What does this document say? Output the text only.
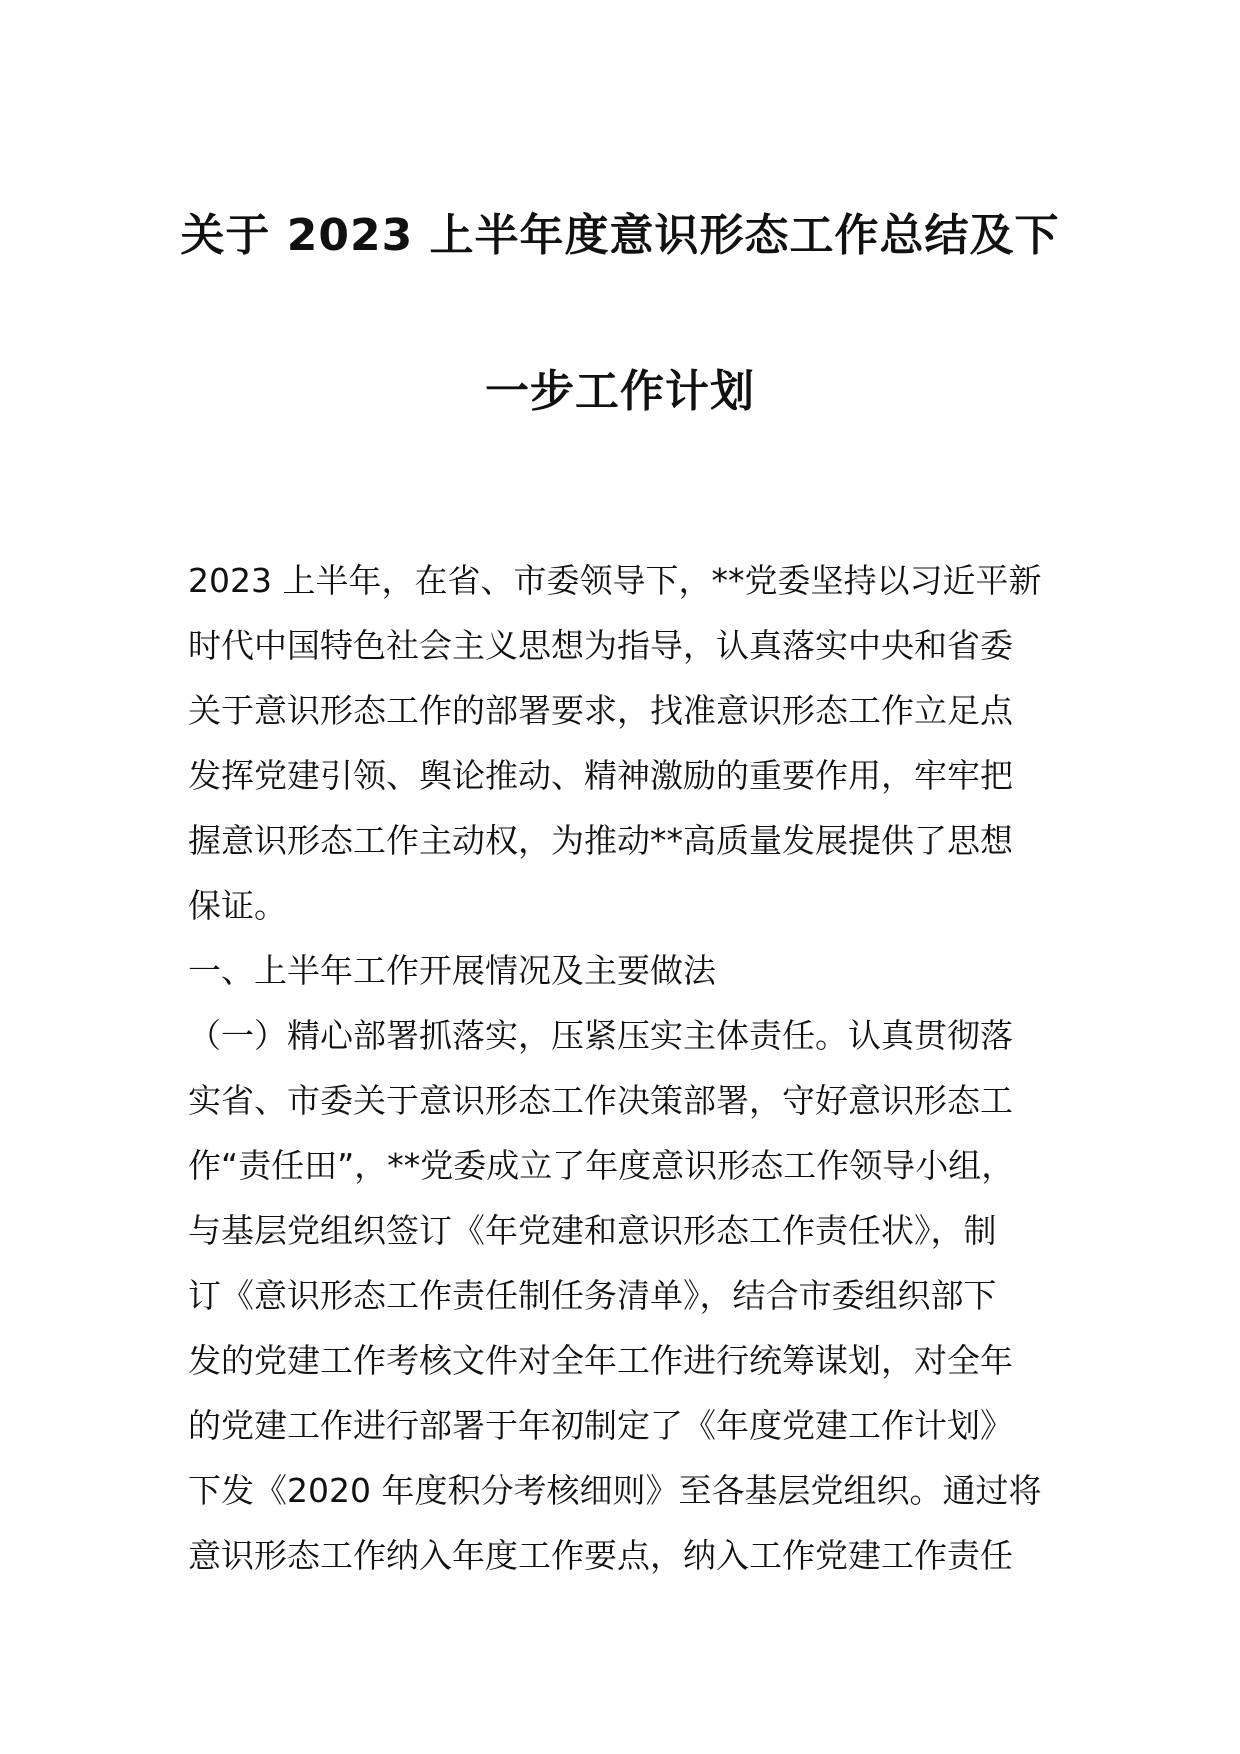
关于 2023 上半年度意识形态工作总结及下
一步工作计划
2023 上半年，在省、市委领导下，**党委坚持以习近平新
时代中国特色社会主义思想为指导，认真落实中央和省委
关于意识形态工作的部署要求，找准意识形态工作立足点
发挥党建引领、舆论推动、精神激励的重要作用，牢牢把
握意识形态工作主动权，为推动**高质量发展提供了思想
保证。
一、上半年工作开展情况及主要做法
（一）精心部署抓落实，压紧压实主体责任。认真贯彻落
实省、市委关于意识形态工作决策部署，守好意识形态工
作“责任田”，**党委成立了年度意识形态工作领导小组，
与基层党组织签订《年党建和意识形态工作责任状》，制
订《意识形态工作责任制任务清单》，结合市委组织部下
发的党建工作考核文件对全年工作进行统筹谋划，对全年
的党建工作进行部署于年初制定了《年度党建工作计划》
下发《2020 年度积分考核细则》至各基层党组织。通过将
意识形态工作纳入年度工作要点，纳入工作党建工作责任
